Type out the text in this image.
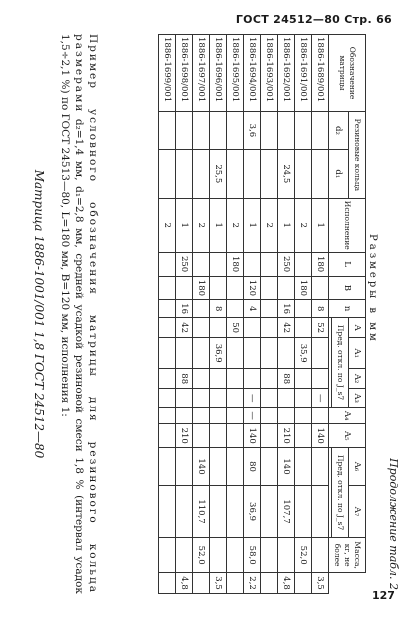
ГОСТ 24512—80 Стр. 66
Продолжение табл. 2
Размеры в мм
Обозначение матрицы	Резиновые кольца		Исполнение	L	B	n	A	A₁	A₂	A₃	A₄	A₅	A₆	A₇	Масса, кг, не более	
	d₂	d₁					Пред. откл. по J_s7						Пред. откл. по J_s7			

1886-1689/001			1	180		8	52			—		140				3,5
1886-1691/001			2		180			35,9							52,0	
1886-1692/001		24,5	1	250		16	42		88			210	140	107,7		4,8
1886-1693/001			2													
1886-1694/001	3,6		1		120	4				—	—	140	80	36,9	58,0	2,2
1886-1695/001			2	180			50									
1886-1696/001		25,5	1			8		36,9								3,5
1886-1697/001			2		180								140	110,7	52,0	
1886-1698/001			1	250		16	42		88			210				4,8
1886-1699/001			2													
Пример условного обозначения матрицы для резинового кольца размерами d₂=1,4 мм, d₁=2,8 мм, средней усадкой резиновой смеси 1,8 % (интервал усадок 1,5÷2,1 %) по ГОСТ 24513—80, L=180 мм, B=120 мм, исполнения 1:
Матрица 1886-1001/001 1,8 ГОСТ 24512—80
127
